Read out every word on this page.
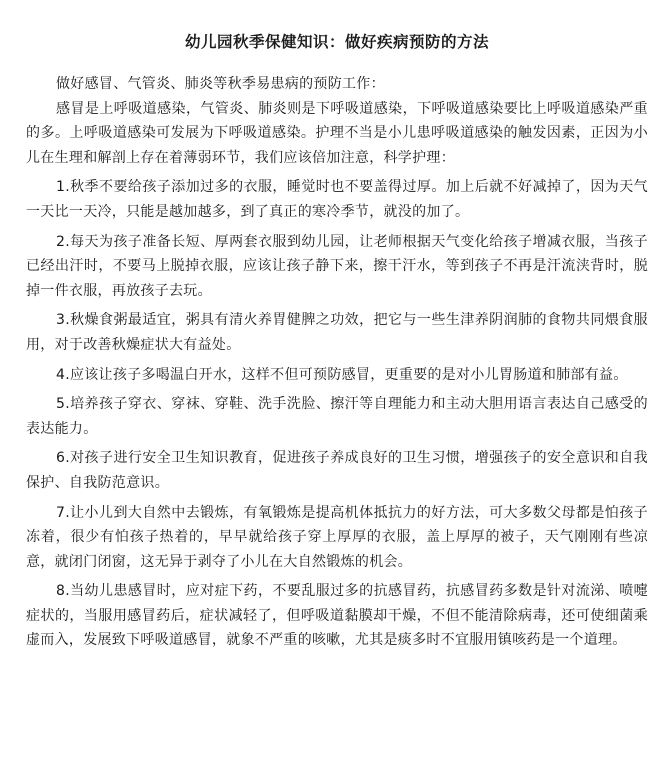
幼儿园秋季保健知识：做好疾病预防的方法

做好感冒、气管炎、肺炎等秋季易患病的预防工作：

感冒是上呼吸道感染，气管炎、肺炎则是下呼吸道感染，下呼吸道感染要比上呼吸道感染严重的多。上呼吸道感染可发展为下呼吸道感染。护理不当是小儿患呼吸道感染的触发因素，正因为小儿在生理和解剖上存在着薄弱环节，我们应该倍加注意，科学护理：

1.秋季不要给孩子添加过多的衣服，睡觉时也不要盖得过厚。加上后就不好减掉了，因为天气一天比一天冷，只能是越加越多，到了真正的寒冷季节，就没的加了。

2.每天为孩子准备长短、厚两套衣服到幼儿园，让老师根据天气变化给孩子增减衣服，当孩子已经出汗时，不要马上脱掉衣服，应该让孩子静下来，擦干汗水，等到孩子不再是汗流浃背时，脱掉一件衣服，再放孩子去玩。

3.秋燥食粥最适宜，粥具有清火养胃健脾之功效，把它与一些生津养阴润肺的食物共同煨食服用，对于改善秋燥症状大有益处。

4.应该让孩子多喝温白开水，这样不但可预防感冒，更重要的是对小儿胃肠道和肺部有益。

5.培养孩子穿衣、穿袜、穿鞋、洗手洗脸、擦汗等自理能力和主动大胆用语言表达自己感受的表达能力。

6.对孩子进行安全卫生知识教育，促进孩子养成良好的卫生习惯，增强孩子的安全意识和自我保护、自我防范意识。

7.让小儿到大自然中去锻炼，有氧锻炼是提高机体抵抗力的好方法，可大多数父母都是怕孩子冻着，很少有怕孩子热着的，早早就给孩子穿上厚厚的衣服，盖上厚厚的被子，天气刚刚有些凉意，就闭门闭窗，这无异于剥夺了小儿在大自然锻炼的机会。

8.当幼儿患感冒时，应对症下药，不要乱服过多的抗感冒药，抗感冒药多数是针对流涕、喷嚏症状的，当服用感冒药后，症状减轻了，但呼吸道黏膜却干燥，不但不能清除病毒，还可使细菌乘虚而入，发展致下呼吸道感冒，就象不严重的咳嗽，尤其是痰多时不宜服用镇咳药是一个道理。
